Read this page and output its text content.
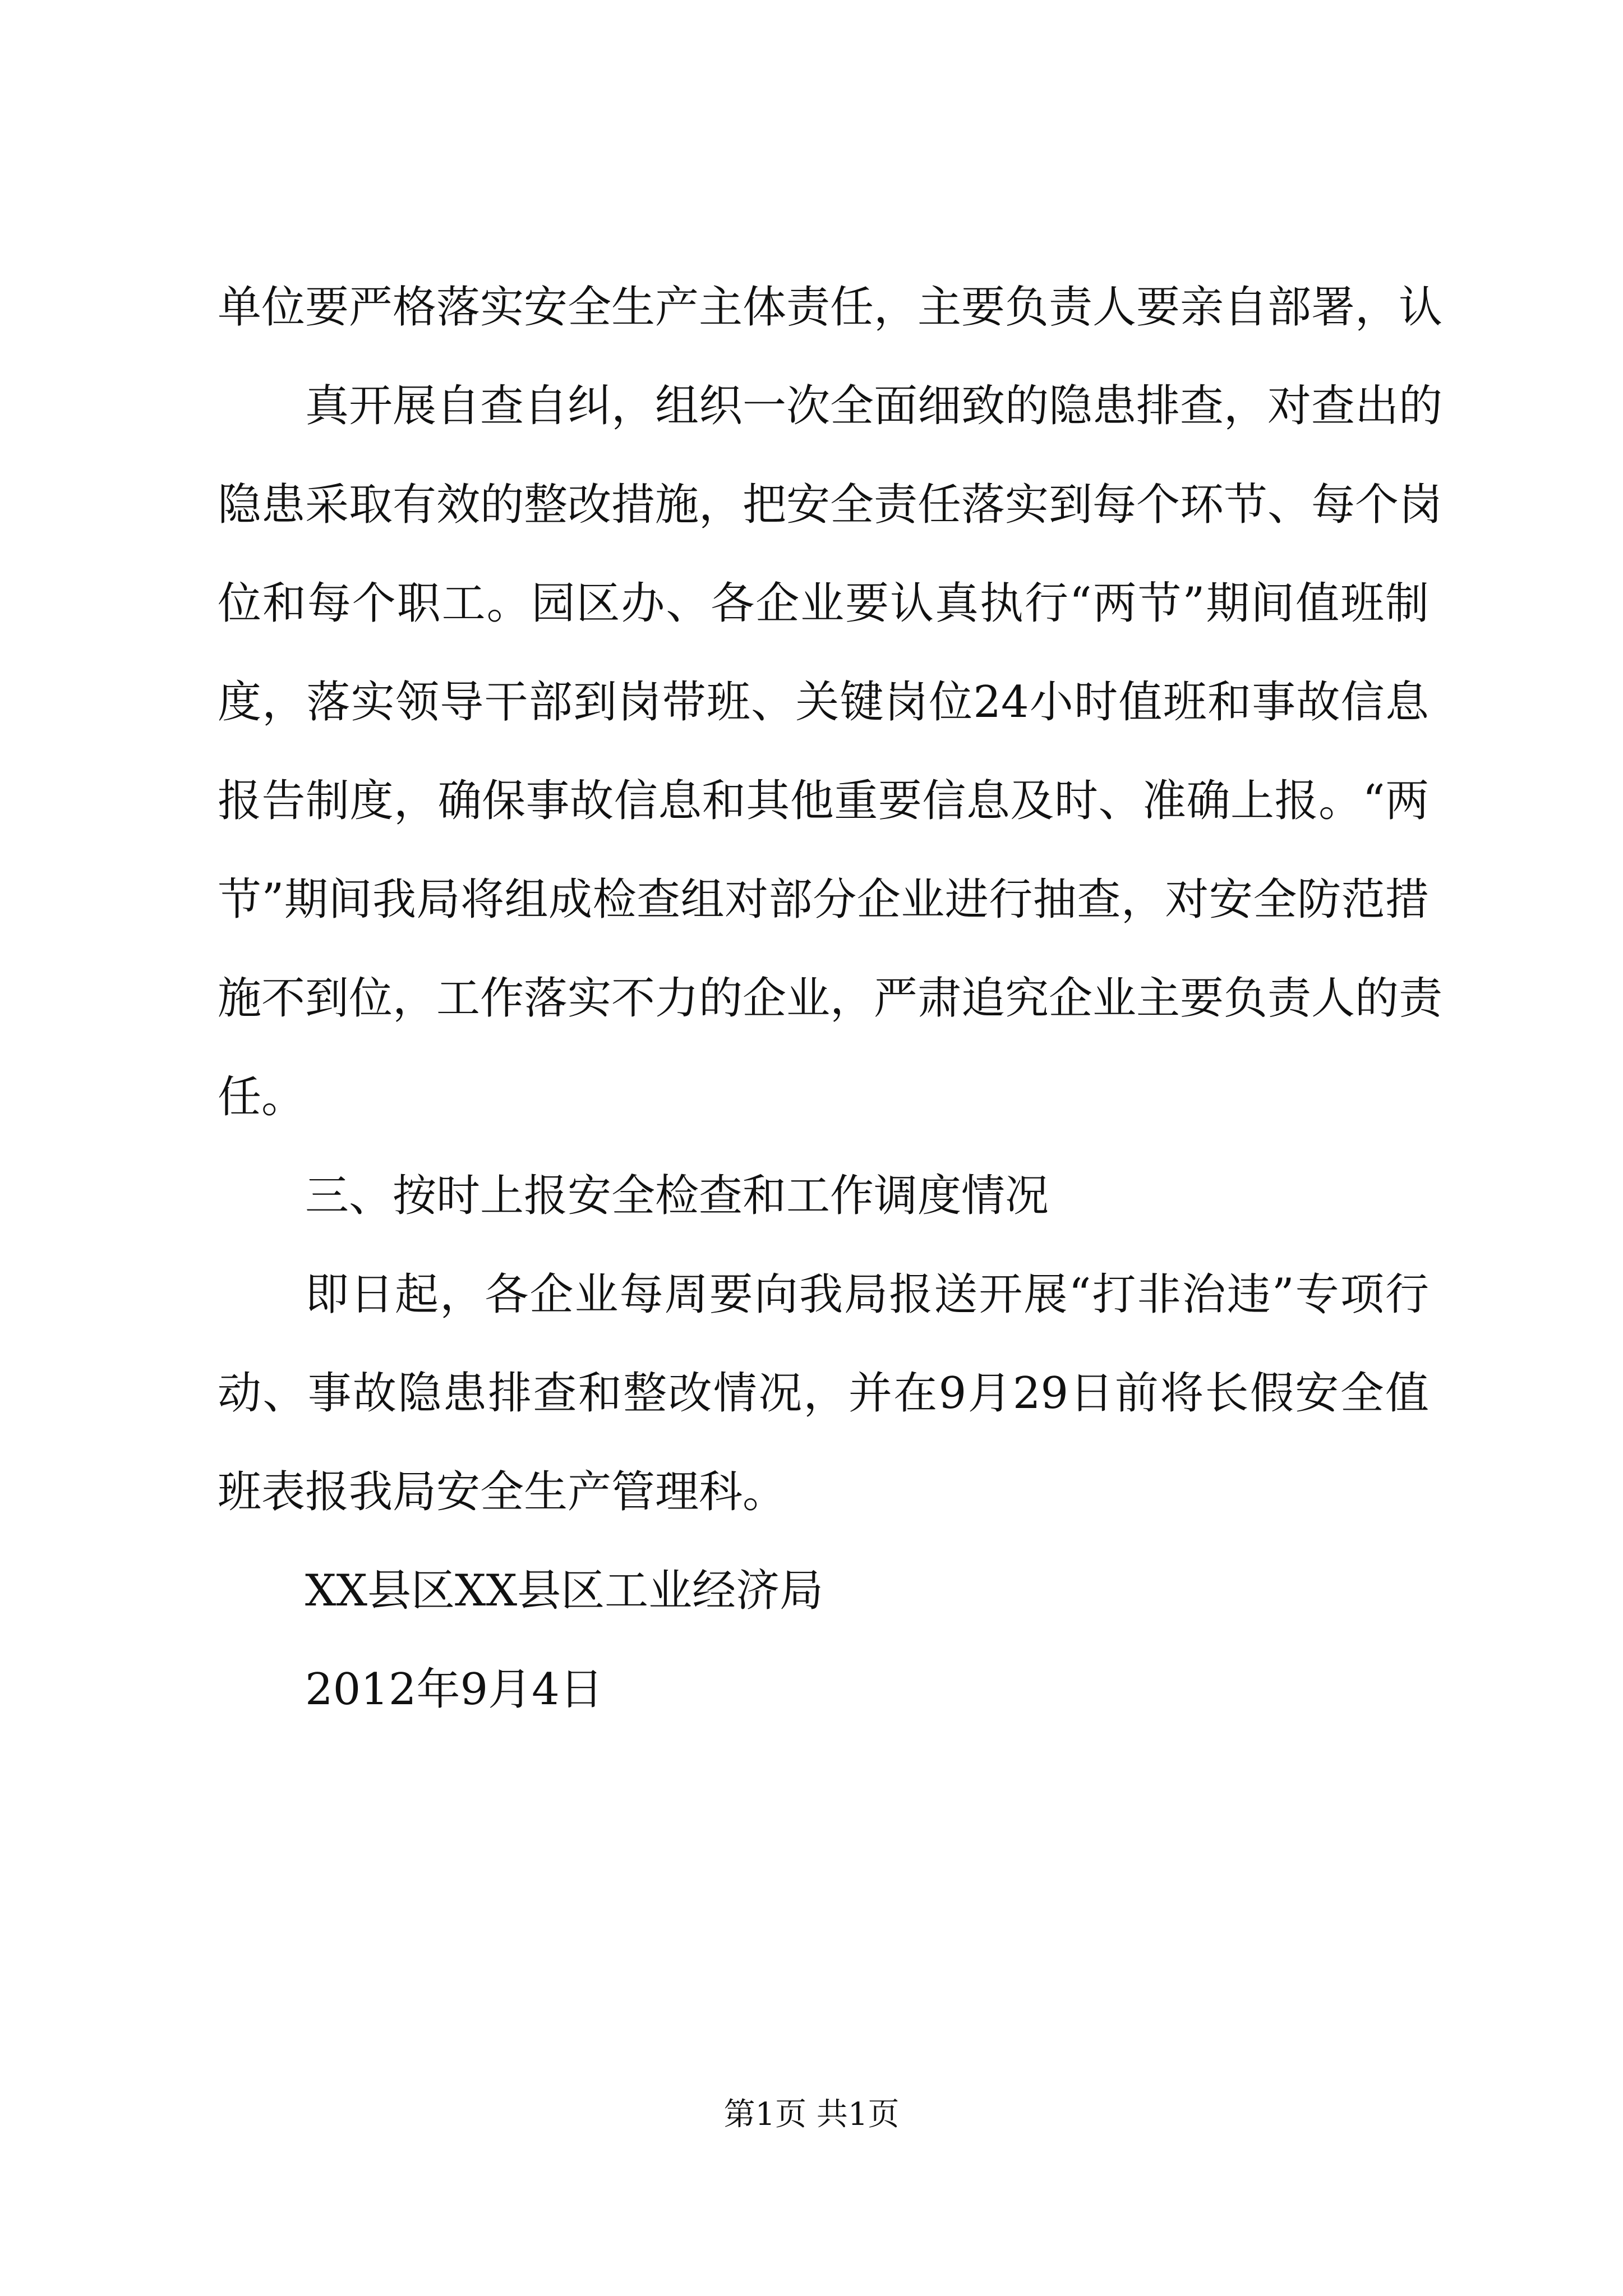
单位要严格落实安全生产主体责任，主要负责人要亲自部署，认
真开展自查自纠，组织一次全面细致的隐患排查，对查出的
隐患采取有效的整改措施，把安全责任落实到每个环节、每个岗
位和每个职工。园区办、各企业要认真执行“两节”期间值班制
度，落实领导干部到岗带班、关键岗位24小时值班和事故信息
报告制度，确保事故信息和其他重要信息及时、准确上报。“两
节”期间我局将组成检查组对部分企业进行抽查，对安全防范措
施不到位，工作落实不力的企业，严肃追究企业主要负责人的责
任。
三、按时上报安全检查和工作调度情况
即日起，各企业每周要向我局报送开展“打非治违”专项行
动、事故隐患排查和整改情况，并在9月29日前将长假安全值
班表报我局安全生产管理科。
XX县区XX县区工业经济局
2012年9月4日
第1页 共1页
